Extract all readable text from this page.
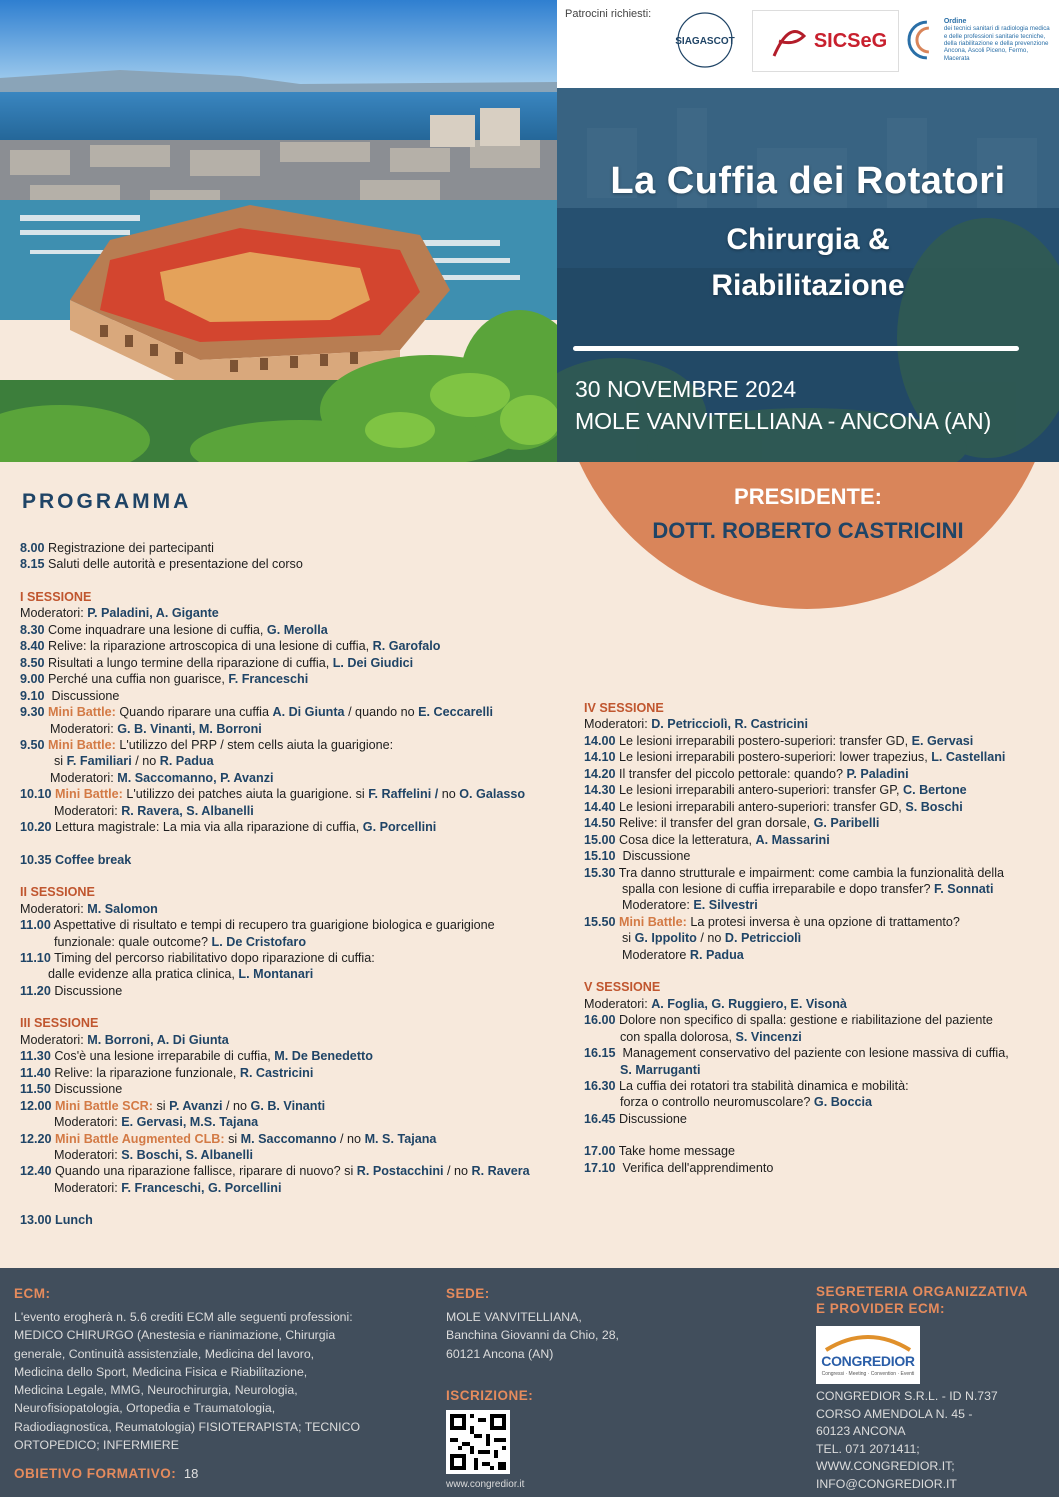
Patrocini richiesti:
SIAGASCOT	SICSeG
Ordine
dei tecnici sanitari di radiologia medica
e delle professioni sanitarie tecniche,
della riabilitazione e della prevenzione
Ancona, Ascoli Piceno, Fermo, Macerata
La Cuffia dei Rotatori
Chirurgia &
Riabilitazione
30 NOVEMBRE 2024
MOLE VANVITELLIANA - ANCONA (AN)
PRESIDENTE:
DOTT. ROBERTO CASTRICINI
PROGRAMMA
8.00 Registrazione dei partecipanti
8.15 Saluti delle autorità e presentazione del corso
I SESSIONE
Moderatori: P. Paladini, A. Gigante
8.30 Come inquadrare una lesione di cuffia, G. Merolla
8.40 Relive: la riparazione artroscopica di una lesione di cuffia, R. Garofalo
8.50 Risultati a lungo termine della riparazione di cuffia, L. Dei Giudici
9.00 Perché una cuffia non guarisce, F. Franceschi
9.10 Discussione
9.30 Mini Battle: Quando riparare una cuffia A. Di Giunta / quando no E. Ceccarelli
Moderatori: G. B. Vinanti, M. Borroni
9.50 Mini Battle: L'utilizzo del PRP / stem cells aiuta la guarigione:
si F. Familiari / no R. Padua
Moderatori: M. Saccomanno, P. Avanzi
10.10 Mini Battle: L'utilizzo dei patches aiuta la guarigione. si F. Raffelini / no O. Galasso
Moderatori: R. Ravera, S. Albanelli
10.20 Lettura magistrale: La mia via alla riparazione di cuffia, G. Porcellini
10.35 Coffee break
II SESSIONE
Moderatori: M. Salomon
11.00 Aspettative di risultato e tempi di recupero tra guarigione biologica e guarigione
funzionale: quale outcome? L. De Cristofaro
11.10 Timing del percorso riabilitativo dopo riparazione di cuffia:
dalle evidenze alla pratica clinica, L. Montanari
11.20 Discussione
III SESSIONE
Moderatori: M. Borroni, A. Di Giunta
11.30 Cos'è una lesione irreparabile di cuffia, M. De Benedetto
11.40 Relive: la riparazione funzionale, R. Castricini
11.50 Discussione
12.00 Mini Battle SCR: si P. Avanzi / no G. B. Vinanti
Moderatori: E. Gervasi, M.S. Tajana
12.20 Mini Battle Augmented CLB: si M. Saccomanno / no M. S. Tajana
Moderatori: S. Boschi, S. Albanelli
12.40 Quando una riparazione fallisce, riparare di nuovo? si R. Postacchini / no R. Ravera
Moderatori: F. Franceschi, G. Porcellini
13.00 Lunch
IV SESSIONE
Moderatori: D. Petricciolì, R. Castricini
14.00 Le lesioni irreparabili postero-superiori: transfer GD, E. Gervasi
14.10 Le lesioni irreparabili postero-superiori: lower trapezius, L. Castellani
14.20 Il transfer del piccolo pettorale: quando? P. Paladini
14.30 Le lesioni irreparabili antero-superiori: transfer GP, C. Bertone
14.40 Le lesioni irreparabili antero-superiori: transfer GD, S. Boschi
14.50 Relive: il transfer del gran dorsale, G. Paribelli
15.00 Cosa dice la letteratura, A. Massarini
15.10 Discussione
15.30 Tra danno strutturale e impairment: come cambia la funzionalità della
spalla con lesione di cuffia irreparabile e dopo transfer? F. Sonnati
Moderatore: E. Silvestri
15.50 Mini Battle: La protesi inversa è una opzione di trattamento?
si G. Ippolito / no D. Petricciolì
Moderatore R. Padua
V SESSIONE
Moderatori: A. Foglia, G. Ruggiero, E. Visonà
16.00 Dolore non specifico di spalla: gestione e riabilitazione del paziente
con spalla dolorosa, S. Vincenzi
16.15 Management conservativo del paziente con lesione massiva di cuffia,
S. Marruganti
16.30 La cuffia dei rotatori tra stabilità dinamica e mobilità:
forza o controllo neuromuscolare? G. Boccia
16.45 Discussione
17.00 Take home message
17.10 Verifica dell'apprendimento
ECM:
L'evento erogherà n. 5.6 crediti ECM alle seguenti professioni:
MEDICO CHIRURGO (Anestesia e rianimazione, Chirurgia
generale, Continuità assistenziale, Medicina del lavoro,
Medicina dello Sport, Medicina Fisica e Riabilitazione,
Medicina Legale, MMG, Neurochirurgia, Neurologia,
Neurofisiopatologia, Ortopedia e Traumatologia,
Radiodiagnostica, Reumatologia) FISIOTERAPISTA; TECNICO
ORTOPEDICO; INFERMIERE
OBIETIVO FORMATIVO: 18
SEDE:
MOLE VANVITELLIANA,
Banchina Giovanni da Chio, 28,
60121 Ancona (AN)
ISCRIZIONE:
www.congredior.it
SEGRETERIA ORGANIZZATIVA
E PROVIDER ECM:
CONGREDIOR
Congressi · Meeting · Convention · Eventi
CONGREDIOR S.R.L. - ID N.737
CORSO AMENDOLA N. 45 -
60123 ANCONA
TEL. 071 2071411;
WWW.CONGREDIOR.IT;
INFO@CONGREDIOR.IT
